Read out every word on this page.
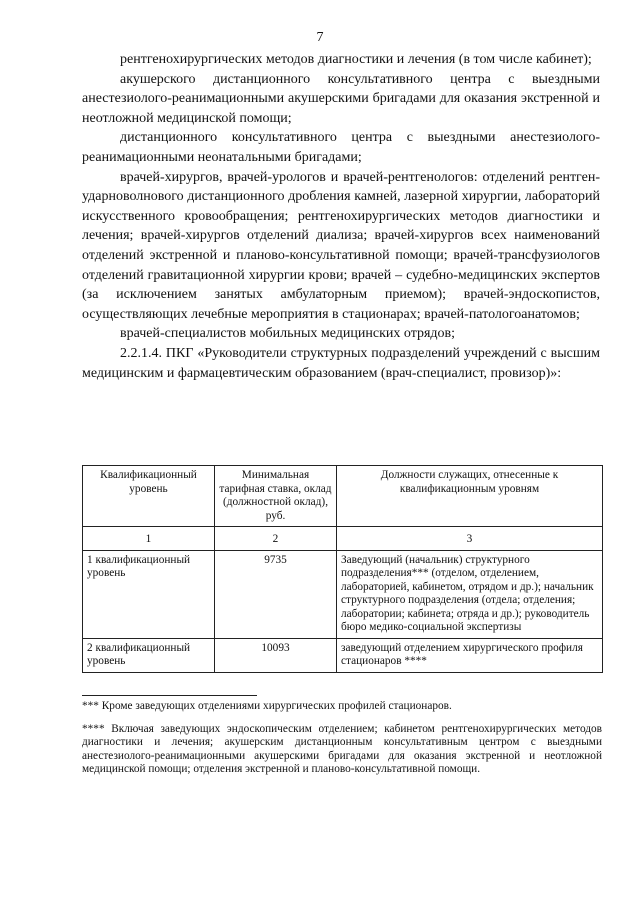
7

рентгенохирургических методов диагностики и лечения (в том числе кабинет);

акушерского дистанционного консультативного центра с выездными анестезиолого-реанимационными акушерскими бригадами для оказания экстренной и неотложной медицинской помощи;

дистанционного консультативного центра с выездными анестезиолого-реанимационными неонатальными бригадами;

врачей-хирургов, врачей-урологов и врачей-рентгенологов: отделений рентген-ударноволнового дистанционного дробления камней, лазерной хирургии, лабораторий искусственного кровообращения; рентгенохирургических методов диагностики и лечения; врачей-хирургов отделений диализа; врачей-хирургов всех наименований отделений экстренной и планово-консультативной помощи; врачей-трансфузиологов отделений гравитационной хирургии крови; врачей – судебно-медицинских экспертов (за исключением занятых амбулаторным приемом); врачей-эндоскопистов, осуществляющих лечебные мероприятия в стационарах; врачей-патологоанатомов;

врачей-специалистов мобильных медицинских отрядов;

2.2.1.4. ПКГ «Руководители структурных подразделений учреждений с высшим медицинским и фармацевтическим образованием (врач-специалист, провизор)»:

Квалификационный уровень	Минимальная тарифная ставка, оклад (должностной оклад), руб.	Должности служащих, отнесенные к квалификационным уровням
1	2	3
1 квалификационный уровень	9735	Заведующий (начальник) структурного подразделения*** (отделом, отделением, лабораторией, кабинетом, отрядом и др.); начальник структурного подразделения (отдела; отделения; лаборатории; кабинета; отряда и др.); руководитель бюро медико-социальной экспертизы
2 квалификационный уровень	10093	заведующий отделением хирургического профиля стационаров ****

*** Кроме заведующих отделениями хирургических профилей стационаров.

**** Включая заведующих эндоскопическим отделением; кабинетом рентгенохирургических методов диагностики и лечения; акушерским дистанционным консультативным центром с выездными анестезиолого-реанимационными акушерскими бригадами для оказания экстренной и неотложной медицинской помощи; отделения экстренной и планово-консультативной помощи.
